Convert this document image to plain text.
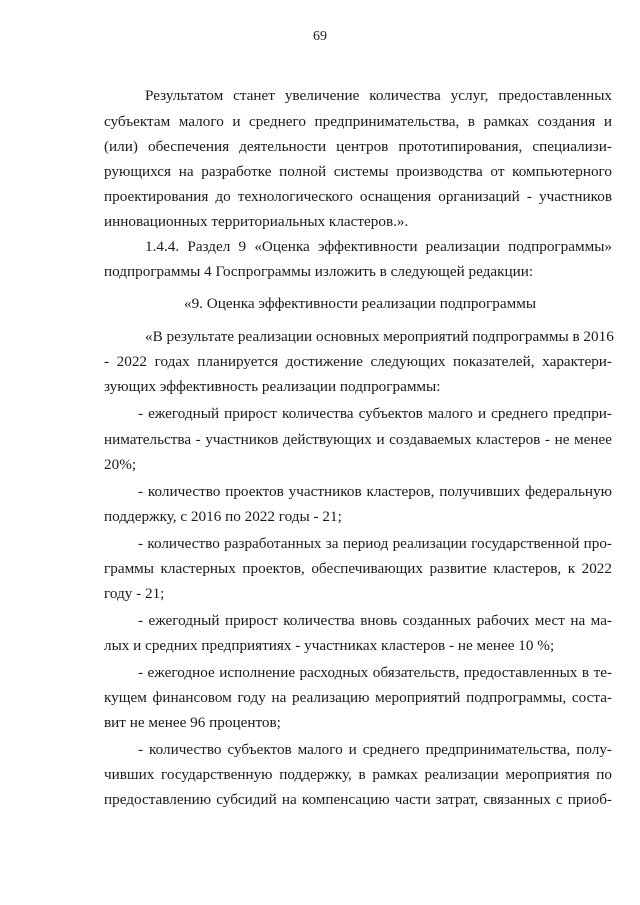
69
Результатом станет увеличение количества услуг, предоставленных
субъектам малого и среднего предпринимательства, в рамках создания и
(или) обеспечения деятельности центров прототипирования, специализи-
рующихся на разработке полной системы производства от компьютерного
проектирования до технологического оснащения организаций - участников
инновационных территориальных кластеров.».
1.4.4. Раздел 9 «Оценка эффективности реализации подпрограммы»
подпрограммы 4 Госпрограммы изложить в следующей редакции:
«9. Оценка эффективности реализации подпрограммы
«В результате реализации основных мероприятий подпрограммы в 2016
- 2022 годах планируется достижение следующих показателей, характери-
зующих эффективность реализации подпрограммы:
- ежегодный прирост количества субъектов малого и среднего предпри-
нимательства - участников действующих и создаваемых кластеров - не менее
20%;
- количество проектов участников кластеров, получивших федеральную
поддержку, с 2016 по 2022 годы - 21;
- количество разработанных за период реализации государственной про-
граммы кластерных проектов, обеспечивающих развитие кластеров, к 2022
году - 21;
- ежегодный прирост количества вновь созданных рабочих мест на ма-
лых и средних предприятиях - участниках кластеров - не менее 10 %;
- ежегодное исполнение расходных обязательств, предоставленных в те-
кущем финансовом году на реализацию мероприятий подпрограммы, соста-
вит не менее 96 процентов;
- количество субъектов малого и среднего предпринимательства, полу-
чивших государственную поддержку, в рамках реализации мероприятия по
предоставлению субсидий на компенсацию части затрат, связанных с приоб-
